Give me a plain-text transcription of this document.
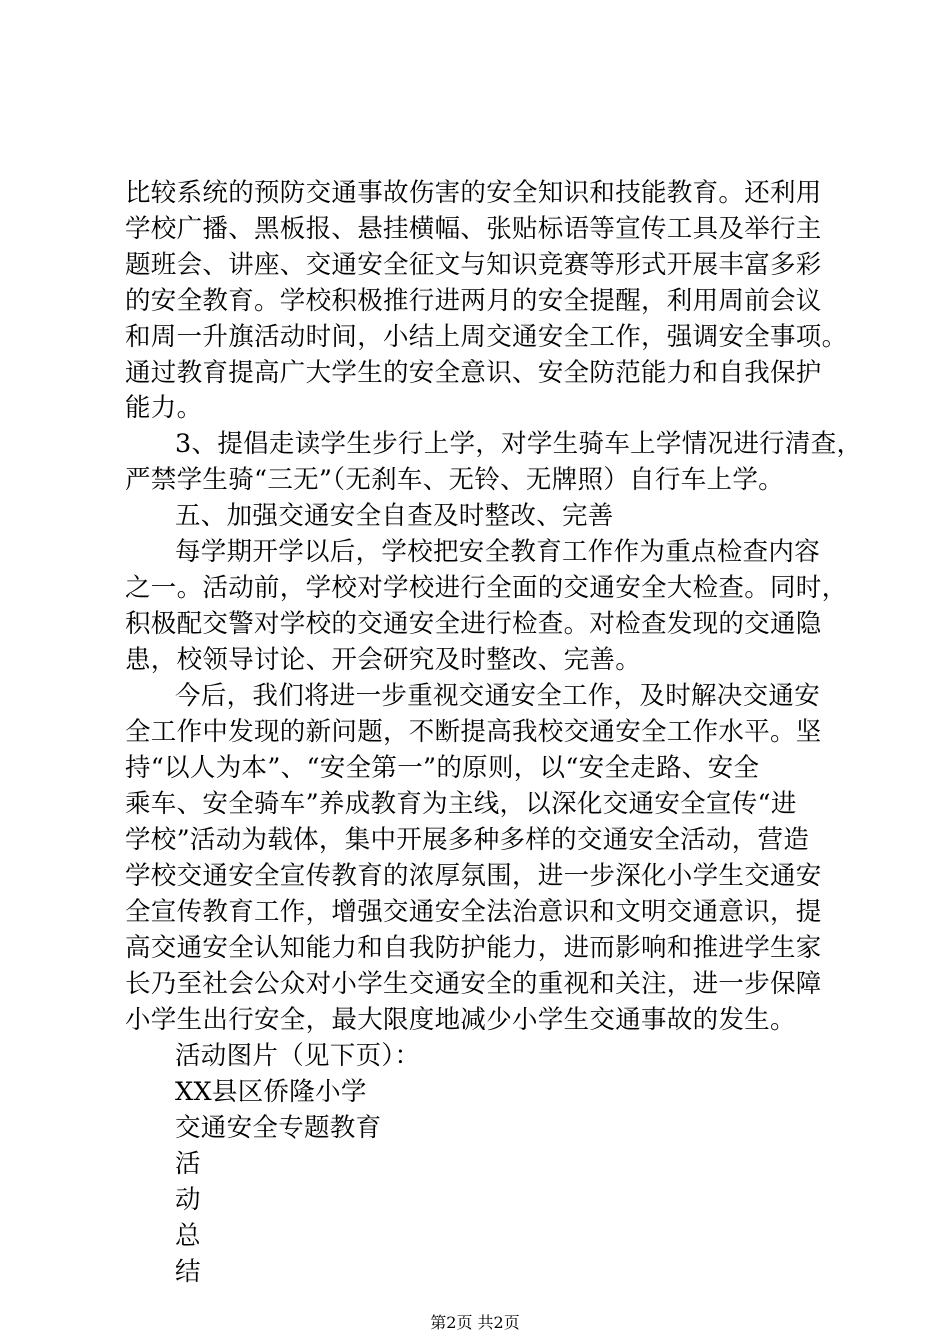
比较系统的预防交通事故伤害的安全知识和技能教育。还利用
学校广播、黑板报、悬挂横幅、张贴标语等宣传工具及举行主
题班会、讲座、交通安全征文与知识竞赛等形式开展丰富多彩
的安全教育。学校积极推行进两月的安全提醒，利用周前会议
和周一升旗活动时间，小结上周交通安全工作，强调安全事项。
通过教育提高广大学生的安全意识、安全防范能力和自我保护
能力。
3、提倡走读学生步行上学，对学生骑车上学情况进行清查，
严禁学生骑“三无”（无刹车、无铃、无牌照）自行车上学。
五、加强交通安全自查及时整改、完善
每学期开学以后，学校把安全教育工作作为重点检查内容
之一。活动前，学校对学校进行全面的交通安全大检查。同时，
积极配交警对学校的交通安全进行检查。对检查发现的交通隐
患，校领导讨论、开会研究及时整改、完善。
今后，我们将进一步重视交通安全工作，及时解决交通安
全工作中发现的新问题，不断提高我校交通安全工作水平。坚
持“以人为本”、“安全第一”的原则，以“安全走路、安全
乘车、安全骑车”养成教育为主线，以深化交通安全宣传“进
学校”活动为载体，集中开展多种多样的交通安全活动，营造
学校交通安全宣传教育的浓厚氛围，进一步深化小学生交通安
全宣传教育工作，增强交通安全法治意识和文明交通意识，提
高交通安全认知能力和自我防护能力，进而影响和推进学生家
长乃至社会公众对小学生交通安全的重视和关注，进一步保障
小学生出行安全，最大限度地减少小学生交通事故的发生。
活动图片（见下页）：
XX县区侨隆小学
交通安全专题教育
活
动
总
结
第2页 共2页
